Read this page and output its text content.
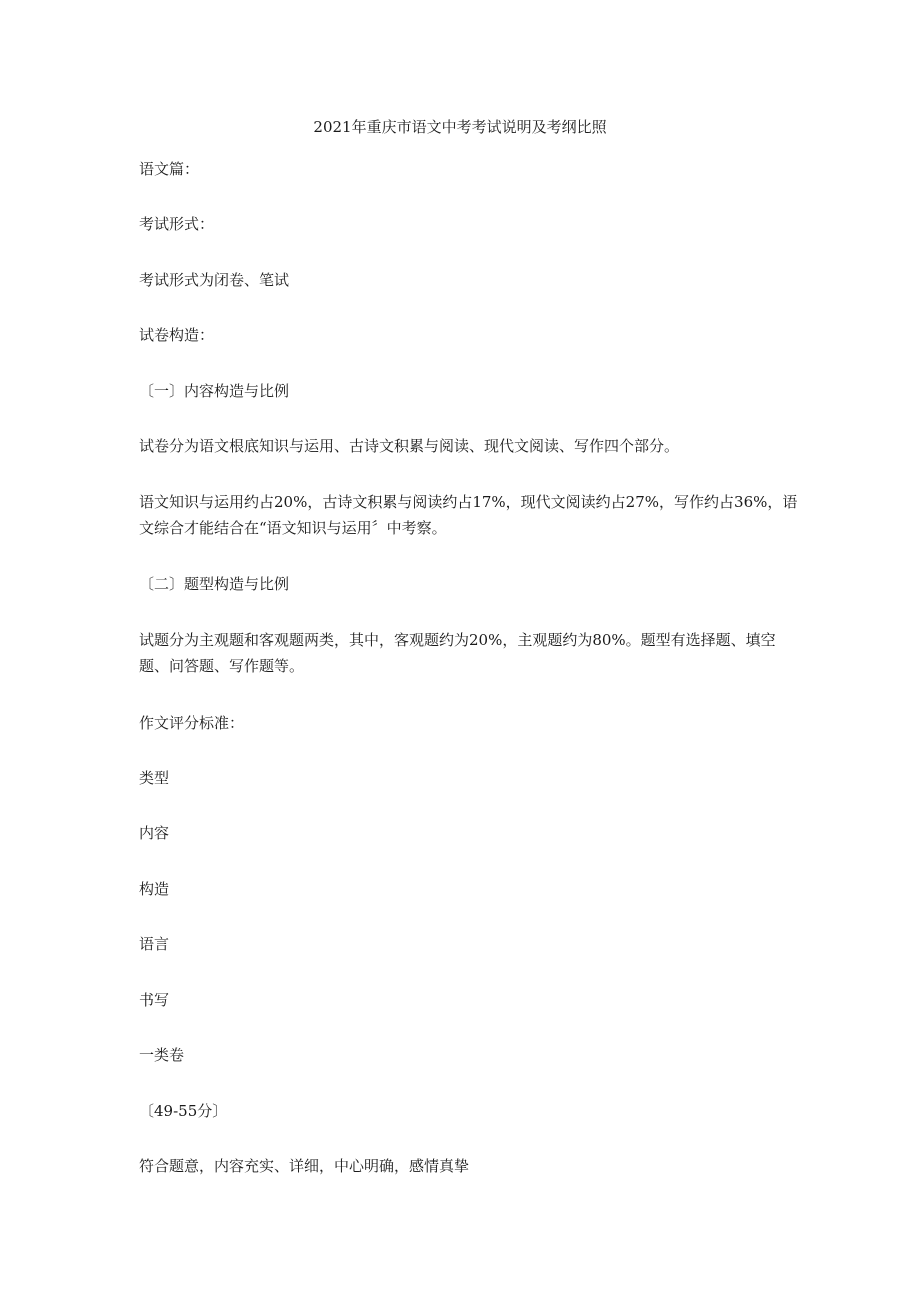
2021年重庆市语文中考考试说明及考纲比照

语文篇：

考试形式：

考试形式为闭卷、笔试

试卷构造：

〔一〕内容构造与比例

试卷分为语文根底知识与运用、古诗文积累与阅读、现代文阅读、写作四个部分。

语文知识与运用约占20%，古诗文积累与阅读约占17%，现代文阅读约占27%，写作约占36%，语文综合才能结合在“语文知识与运用〞中考察。

〔二〕题型构造与比例

试题分为主观题和客观题两类，其中，客观题约为20%，主观题约为80%。题型有选择题、填空题、问答题、写作题等。

作文评分标准：

类型

内容

构造

语言

书写

一类卷

〔49-55分〕

符合题意，内容充实、详细，中心明确，感情真挚
